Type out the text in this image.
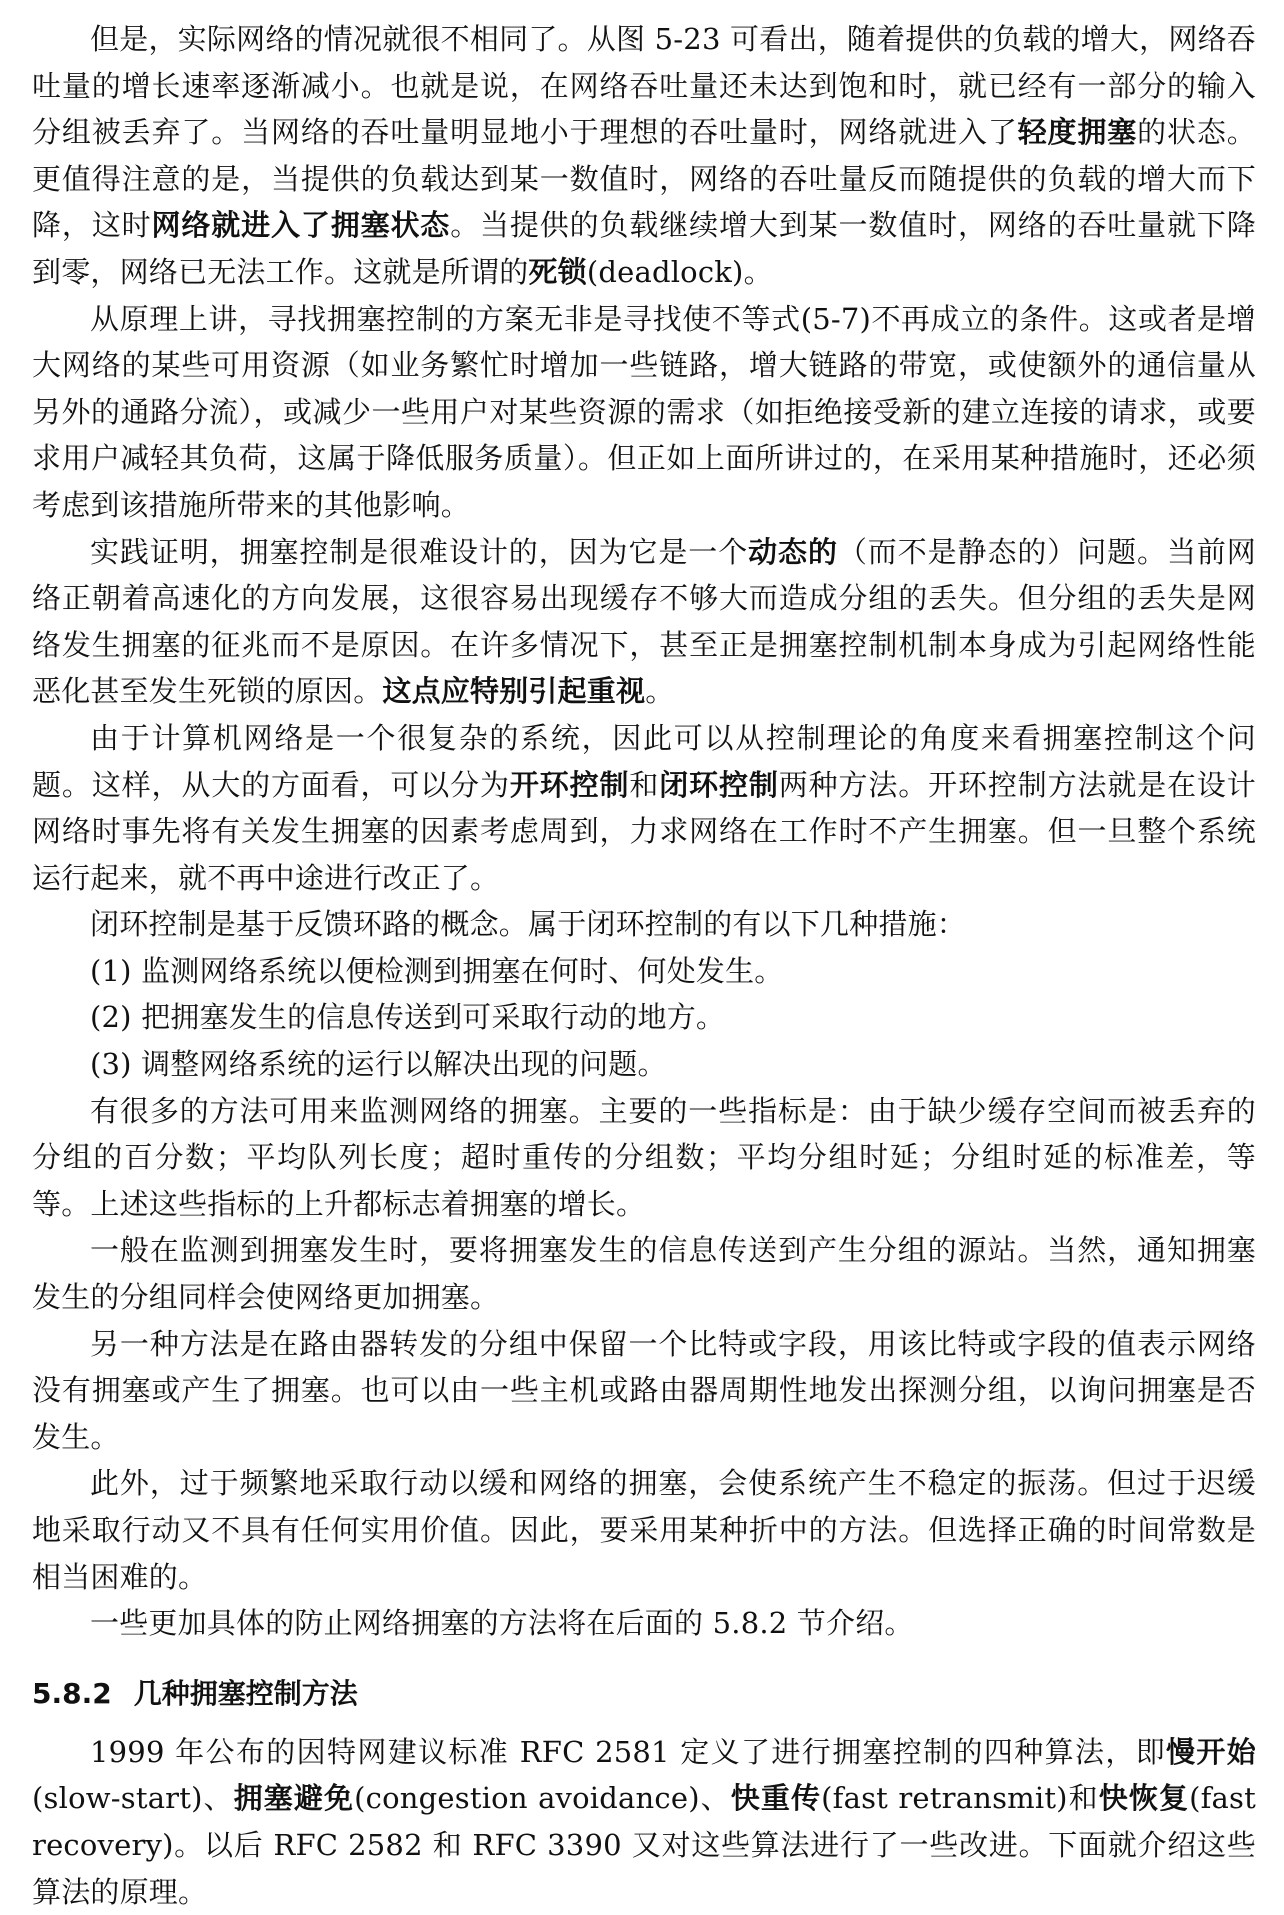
但是，实际网络的情况就很不相同了。从图 5-23 可看出，随着提供的负载的增大，网络吞吐量的增长速率逐渐减小。也就是说，在网络吞吐量还未达到饱和时，就已经有一部分的输入分组被丢弃了。当网络的吞吐量明显地小于理想的吞吐量时，网络就进入了轻度拥塞的状态。更值得注意的是，当提供的负载达到某一数值时，网络的吞吐量反而随提供的负载的增大而下降，这时网络就进入了拥塞状态。当提供的负载继续增大到某一数值时，网络的吞吐量就下降到零，网络已无法工作。这就是所谓的死锁(deadlock)。

从原理上讲，寻找拥塞控制的方案无非是寻找使不等式(5-7)不再成立的条件。这或者是增大网络的某些可用资源（如业务繁忙时增加一些链路，增大链路的带宽，或使额外的通信量从另外的通路分流），或减少一些用户对某些资源的需求（如拒绝接受新的建立连接的请求，或要求用户减轻其负荷，这属于降低服务质量）。但正如上面所讲过的，在采用某种措施时，还必须考虑到该措施所带来的其他影响。

实践证明，拥塞控制是很难设计的，因为它是一个动态的（而不是静态的）问题。当前网络正朝着高速化的方向发展，这很容易出现缓存不够大而造成分组的丢失。但分组的丢失是网络发生拥塞的征兆而不是原因。在许多情况下，甚至正是拥塞控制机制本身成为引起网络性能恶化甚至发生死锁的原因。这点应特别引起重视。

由于计算机网络是一个很复杂的系统，因此可以从控制理论的角度来看拥塞控制这个问题。这样，从大的方面看，可以分为开环控制和闭环控制两种方法。开环控制方法就是在设计网络时事先将有关发生拥塞的因素考虑周到，力求网络在工作时不产生拥塞。但一旦整个系统运行起来，就不再中途进行改正了。

闭环控制是基于反馈环路的概念。属于闭环控制的有以下几种措施：

(1) 监测网络系统以便检测到拥塞在何时、何处发生。

(2) 把拥塞发生的信息传送到可采取行动的地方。

(3) 调整网络系统的运行以解决出现的问题。

有很多的方法可用来监测网络的拥塞。主要的一些指标是：由于缺少缓存空间而被丢弃的分组的百分数；平均队列长度；超时重传的分组数；平均分组时延；分组时延的标准差，等等。上述这些指标的上升都标志着拥塞的增长。

一般在监测到拥塞发生时，要将拥塞发生的信息传送到产生分组的源站。当然，通知拥塞发生的分组同样会使网络更加拥塞。

另一种方法是在路由器转发的分组中保留一个比特或字段，用该比特或字段的值表示网络没有拥塞或产生了拥塞。也可以由一些主机或路由器周期性地发出探测分组，以询问拥塞是否发生。

此外，过于频繁地采取行动以缓和网络的拥塞，会使系统产生不稳定的振荡。但过于迟缓地采取行动又不具有任何实用价值。因此，要采用某种折中的方法。但选择正确的时间常数是相当困难的。

一些更加具体的防止网络拥塞的方法将在后面的 5.8.2 节介绍。

5.8.2 几种拥塞控制方法

1999 年公布的因特网建议标准 RFC 2581 定义了进行拥塞控制的四种算法，即慢开始(slow-start)、拥塞避免(congestion avoidance)、快重传(fast retransmit)和快恢复(fast recovery)。以后 RFC 2582 和 RFC 3390 又对这些算法进行了一些改进。下面就介绍这些算法的原理。
